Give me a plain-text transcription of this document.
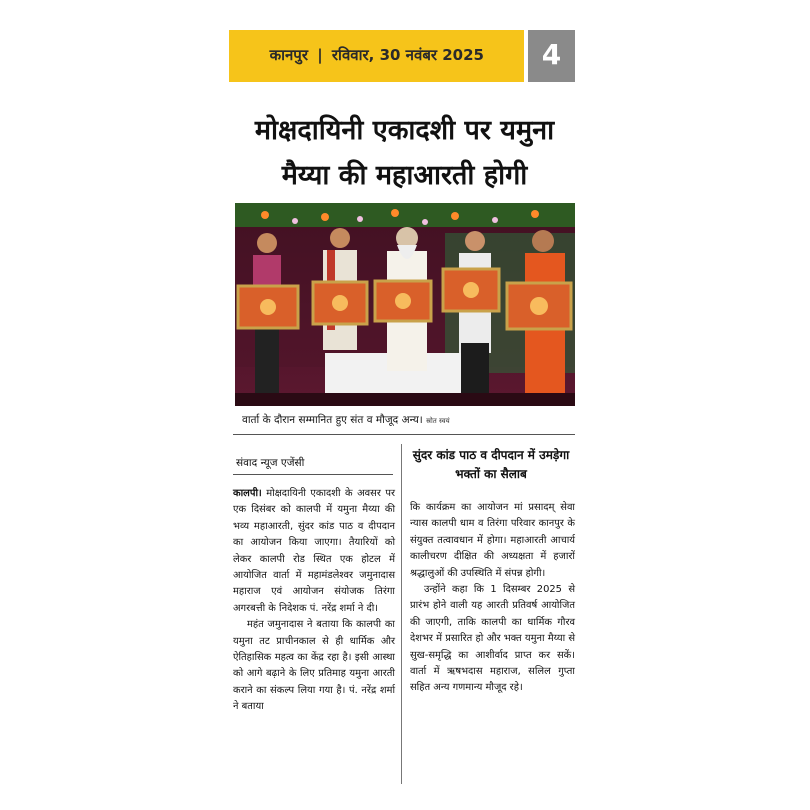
कानपुर | रविवार, 30 नवंबर 2025	4
मोक्षदायिनी एकादशी पर यमुना मैय्या की महाआरती होगी
वार्ता के दौरान सम्मानित हुए संत व मौजूद अन्य। स्रोत स्वयं
संवाद न्यूज एजेंसी

कालपी। मोक्षदायिनी एकादशी के अवसर पर एक दिसंबर को कालपी में यमुना मैय्या की भव्य महाआरती, सुंदर कांड पाठ व दीपदान का आयोजन किया जाएगा। तैयारियों को लेकर कालपी रोड स्थित एक होटल में आयोजित वार्ता में महामंडलेश्वर जमुनादास महाराज एवं आयोजन संयोजक तिरंगा अगरबत्ती के निदेशक पं. नरेंद्र शर्मा ने दी।

महंत जमुनादास ने बताया कि कालपी का यमुना तट प्राचीनकाल से ही धार्मिक और ऐतिहासिक महत्व का केंद्र रहा है। इसी आस्था को आगे बढ़ाने के लिए प्रतिमाह यमुना आरती कराने का संकल्प लिया गया है। पं. नरेंद्र शर्मा ने बताया

सुंदर कांड पाठ व दीपदान में उमड़ेगा भक्तों का सैलाब

कि कार्यक्रम का आयोजन मां प्रसादम् सेवा न्यास कालपी धाम व तिरंगा परिवार कानपुर के संयुक्त तत्वावधान में होगा। महाआरती आचार्य कालीचरण दीक्षित की अध्यक्षता में हजारों श्रद्धालुओं की उपस्थिति में संपन्न होगी।

उन्होंने कहा कि 1 दिसम्बर 2025 से प्रारंभ होने वाली यह आरती प्रतिवर्ष आयोजित की जाएगी, ताकि कालपी का धार्मिक गौरव देशभर में प्रसारित हो और भक्त यमुना मैय्या से सुख-समृद्धि का आशीर्वाद प्राप्त कर सकें। वार्ता में ऋषभदास महाराज, सलिल गुप्ता सहित अन्य गणमान्य मौजूद रहे।
